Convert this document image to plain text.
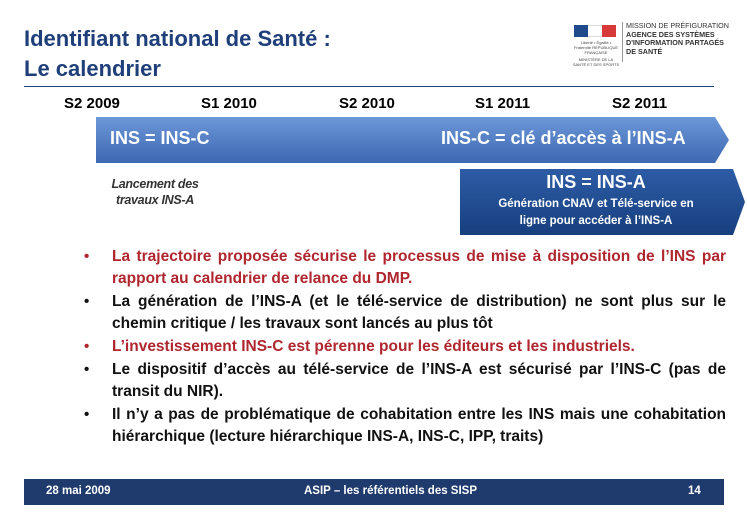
Identifiant national de Santé :
Le calendrier
Liberté • Égalité • Fraternité RÉPUBLIQUE FRANÇAISE
MINISTÈRE DE LA SANTÉ ET DES SPORTS
MISSION DE PRÉFIGURATION
AGENCE DES SYSTÈMES
D'INFORMATION PARTAGÉS
DE SANTÉ
S2 2009	S1 2010	S2 2010	S1 2011	S2 2011
INS = INS-C	INS-C = clé d’accès à l’INS-A
INS = INS-A
Génération CNAV et Télé-service en
ligne pour accéder à l’INS-A
Lancement des
travaux INS-A
• La trajectoire proposée sécurise le processus de mise à disposition de l’INS par rapport au calendrier de relance du DMP.
• La génération de l’INS-A (et le télé-service de distribution) ne sont plus sur le chemin critique / les travaux sont lancés au plus tôt
• L’investissement INS-C est pérenne pour les éditeurs et les industriels.
• Le dispositif d’accès au télé-service de l’INS-A est sécurisé par l’INS-C (pas de transit du NIR).
• Il n’y a pas de problématique de cohabitation entre les INS mais une cohabitation hiérarchique (lecture hiérarchique INS-A, INS-C, IPP, traits)
28 mai 2009	ASIP – les référentiels des SISP	14
